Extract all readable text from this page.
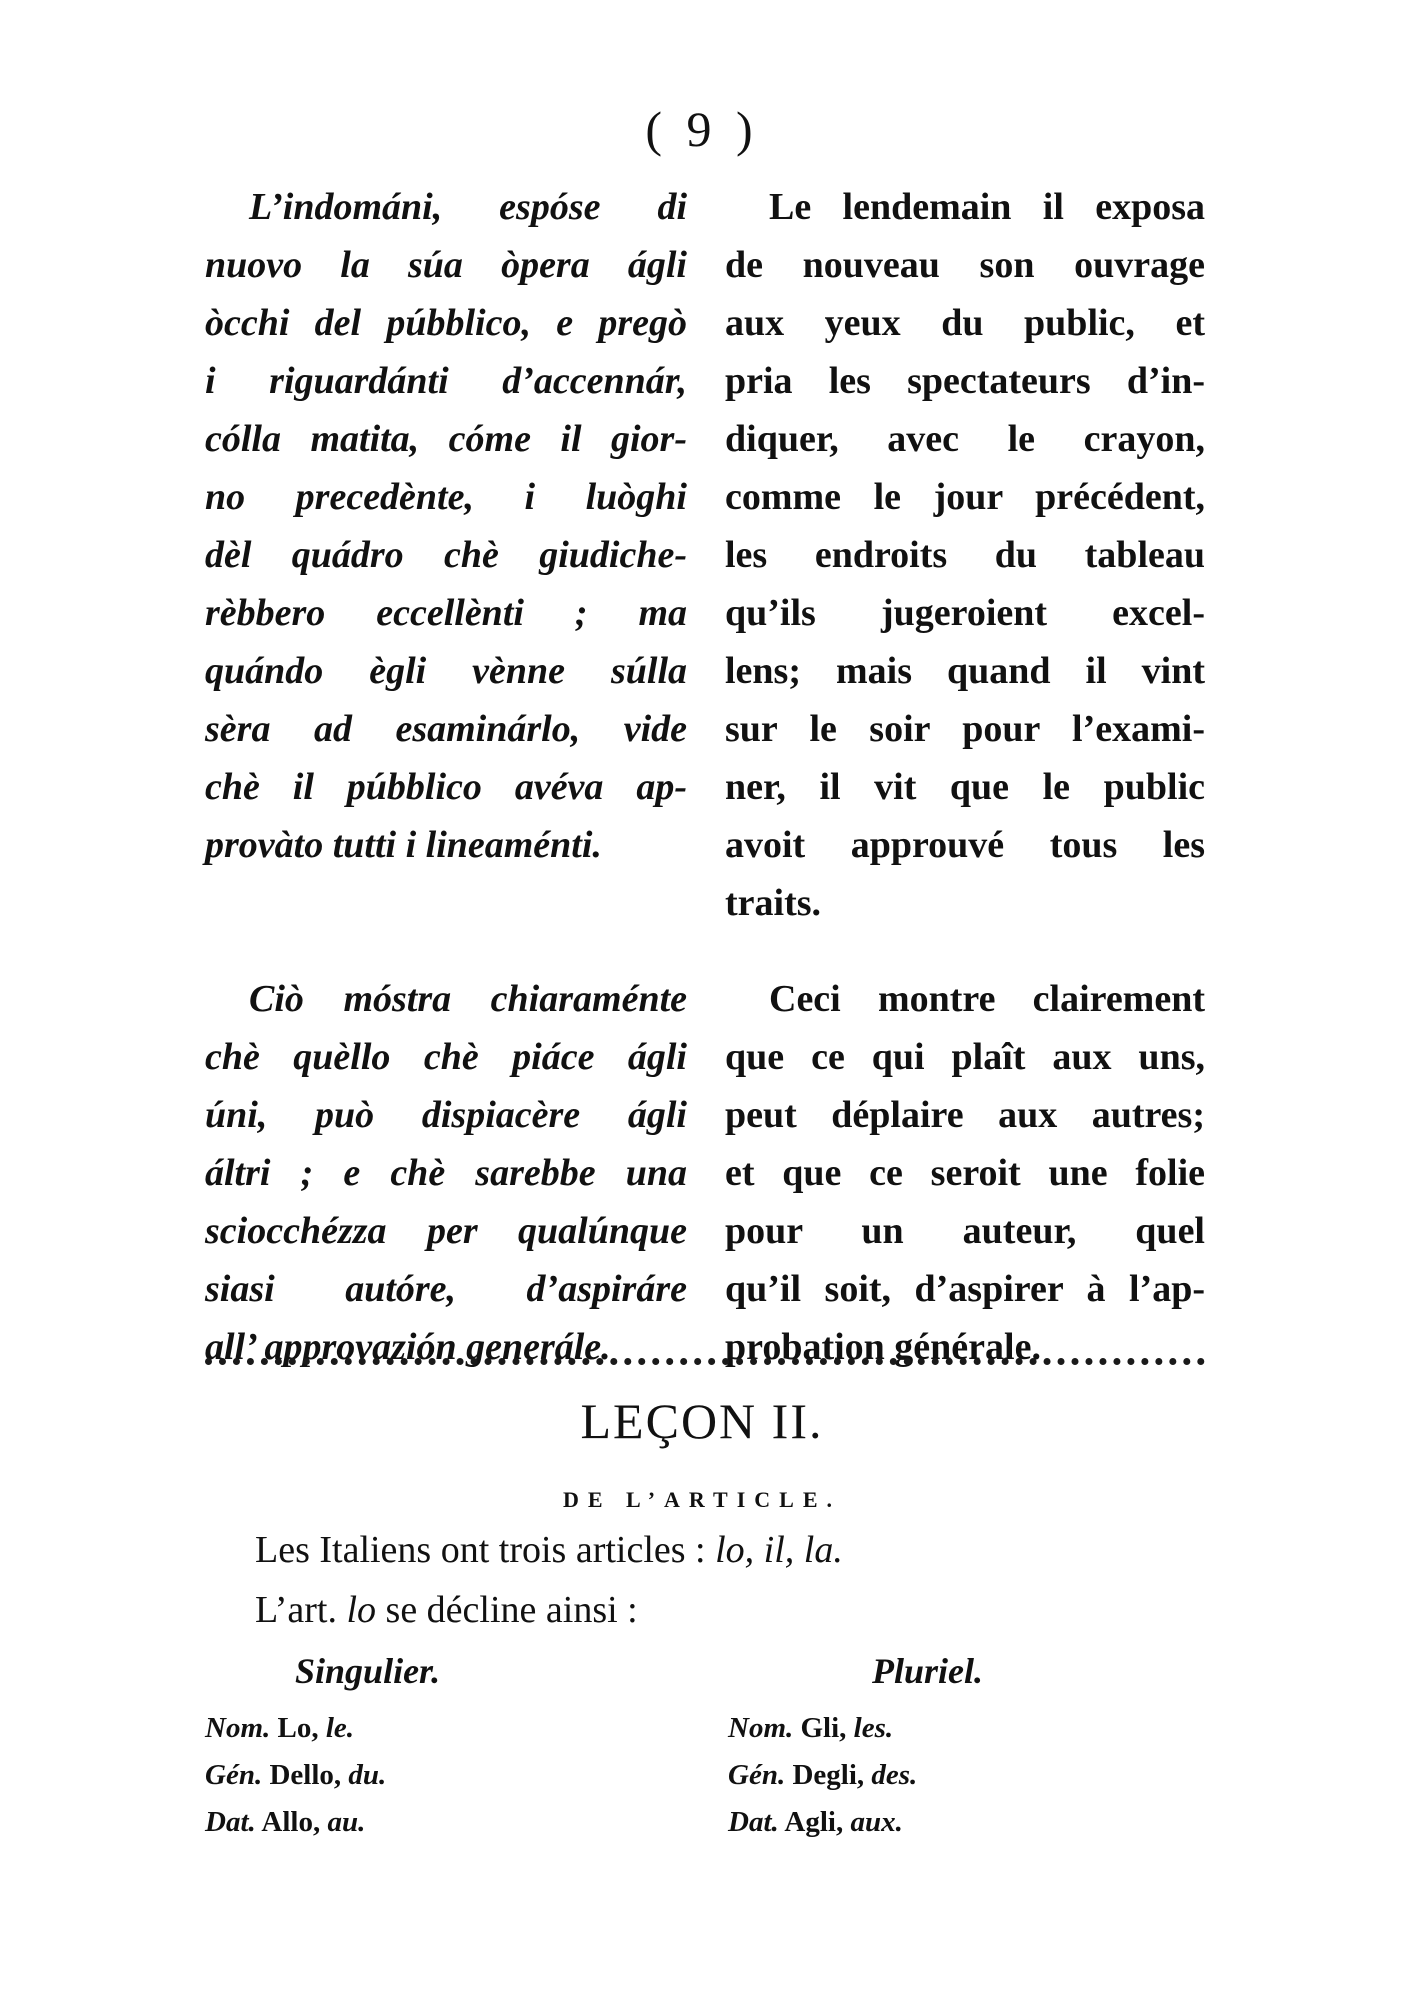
( 9 )
L’indománi, espóse di
nuovo la súa òpera ágli
òcchi del púbblico, e pregò
i riguardánti d’accennár,
cólla matita, cóme il gior-
no precedènte, i luòghi
dèl quádro chè giudiche-
rèbbero eccellènti ; ma
quándo ègli vènne súlla
sèra ad esaminárlo, vide
chè il púbblico avéva ap-
provàto tutti i lineaménti.
Le lendemain il exposa
de nouveau son ouvrage
aux yeux du public, et
pria les spectateurs d’in-
diquer, avec le crayon,
comme le jour précédent,
les endroits du tableau
qu’ils jugeroient excel-
lens; mais quand il vint
sur le soir pour l’exami-
ner, il vit que le public
avoit approuvé tous les
traits.
Ciò móstra chiaraménte
chè quèllo chè piáce ágli
úni, può dispiacère ágli
áltri ; e chè sarebbe una
sciocchézza per qualúnque
siasi autóre, d’aspiráre
all’ approvazión generále.
Ceci montre clairement
que ce qui plaît aux uns,
peut déplaire aux autres;
et que ce seroit une folie
pour un auteur, quel
qu’il soit, d’aspirer à l’ap-
probation générale.
LEÇON II.
DE L’ARTICLE.
Les Italiens ont trois articles : lo, il, la.
L’art. lo se décline ainsi :
Singulier.	Pluriel.
Nom. Lo, le.
Gén. Dello, du.
Dat. Allo, au.
Nom. Gli, les.
Gén. Degli, des.
Dat. Agli, aux.
